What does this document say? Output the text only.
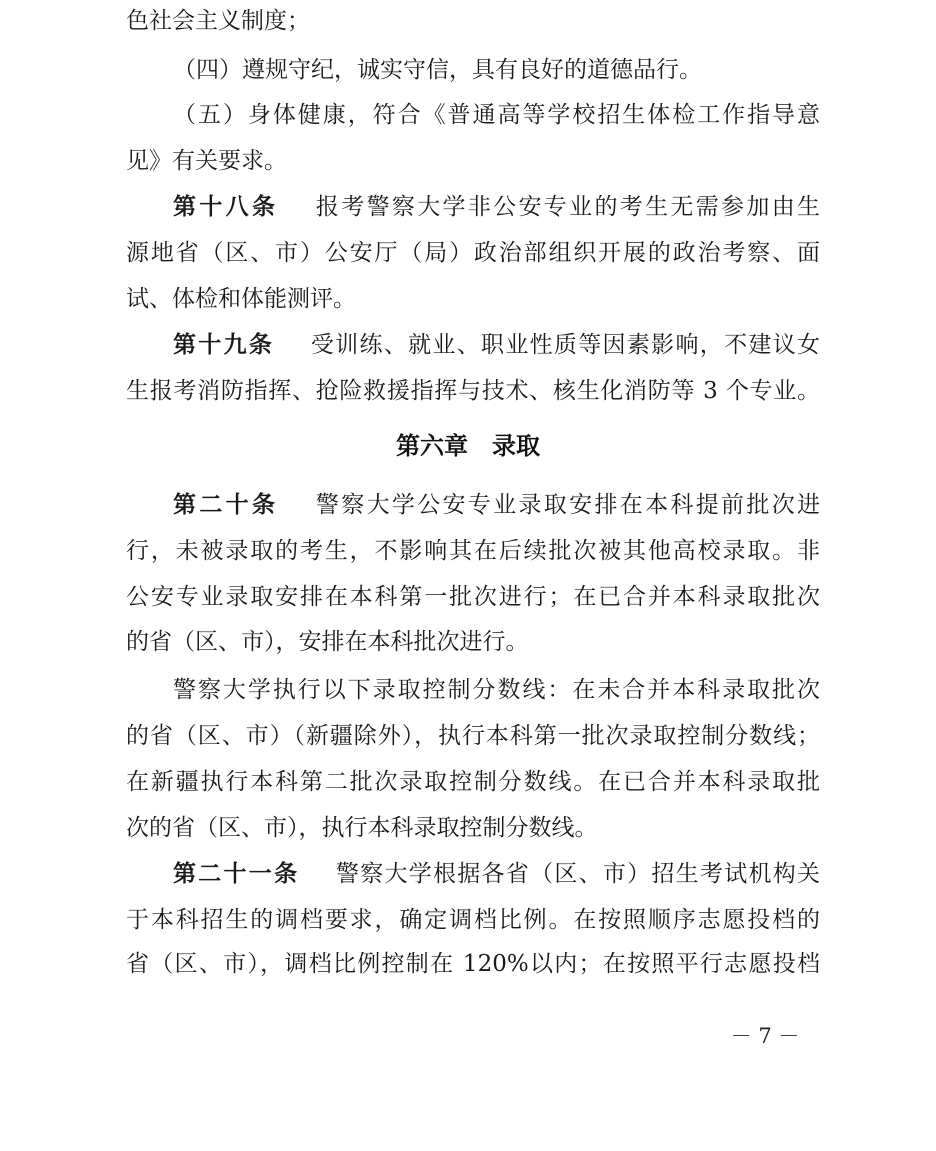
色社会主义制度；
（四）遵规守纪，诚实守信，具有良好的道德品行。
（五）身体健康，符合《普通高等学校招生体检工作指导意
见》有关要求。
第十八条 报考警察大学非公安专业的考生无需参加由生
源地省（区、市）公安厅（局）政治部组织开展的政治考察、面
试、体检和体能测评。
第十九条 受训练、就业、职业性质等因素影响，不建议女
生报考消防指挥、抢险救援指挥与技术、核生化消防等 3 个专业。
第六章　录取
第二十条 警察大学公安专业录取安排在本科提前批次进
行，未被录取的考生，不影响其在后续批次被其他高校录取。非
公安专业录取安排在本科第一批次进行；在已合并本科录取批次
的省（区、市），安排在本科批次进行。
警察大学执行以下录取控制分数线：在未合并本科录取批次
的省（区、市）（新疆除外），执行本科第一批次录取控制分数线；
在新疆执行本科第二批次录取控制分数线。在已合并本科录取批
次的省（区、市），执行本科录取控制分数线。
第二十一条 警察大学根据各省（区、市）招生考试机构关
于本科招生的调档要求，确定调档比例。在按照顺序志愿投档的
省（区、市），调档比例控制在 120%以内；在按照平行志愿投档
－ 7 －
